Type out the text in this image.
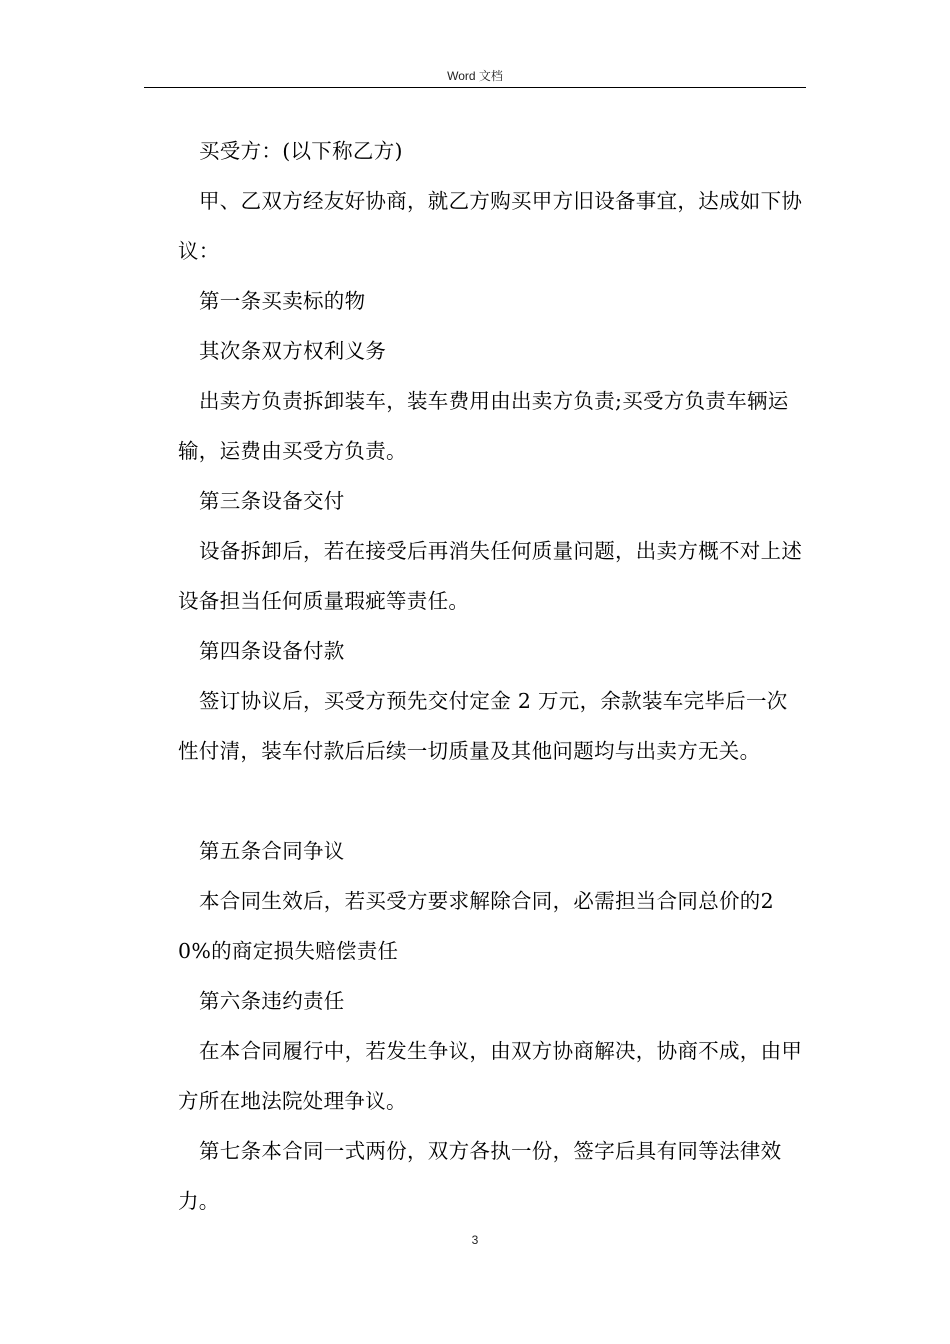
Word 文档

买受方：(以下称乙方)

甲、乙双方经友好协商，就乙方购买甲方旧设备事宜，达成如下协议：

第一条买卖标的物

其次条双方权利义务

出卖方负责拆卸装车，装车费用由出卖方负责;买受方负责车辆运输，运费由买受方负责。

第三条设备交付

设备拆卸后，若在接受后再消失任何质量问题，出卖方概不对上述设备担当任何质量瑕疵等责任。

第四条设备付款

签订协议后，买受方预先交付定金 2 万元，余款装车完毕后一次性付清，装车付款后后续一切质量及其他问题均与出卖方无关。

第五条合同争议

本合同生效后，若买受方要求解除合同，必需担当合同总价的20%的商定损失赔偿责任

第六条违约责任

在本合同履行中，若发生争议，由双方协商解决，协商不成，由甲方所在地法院处理争议。

第七条本合同一式两份，双方各执一份，签字后具有同等法律效力。

3
